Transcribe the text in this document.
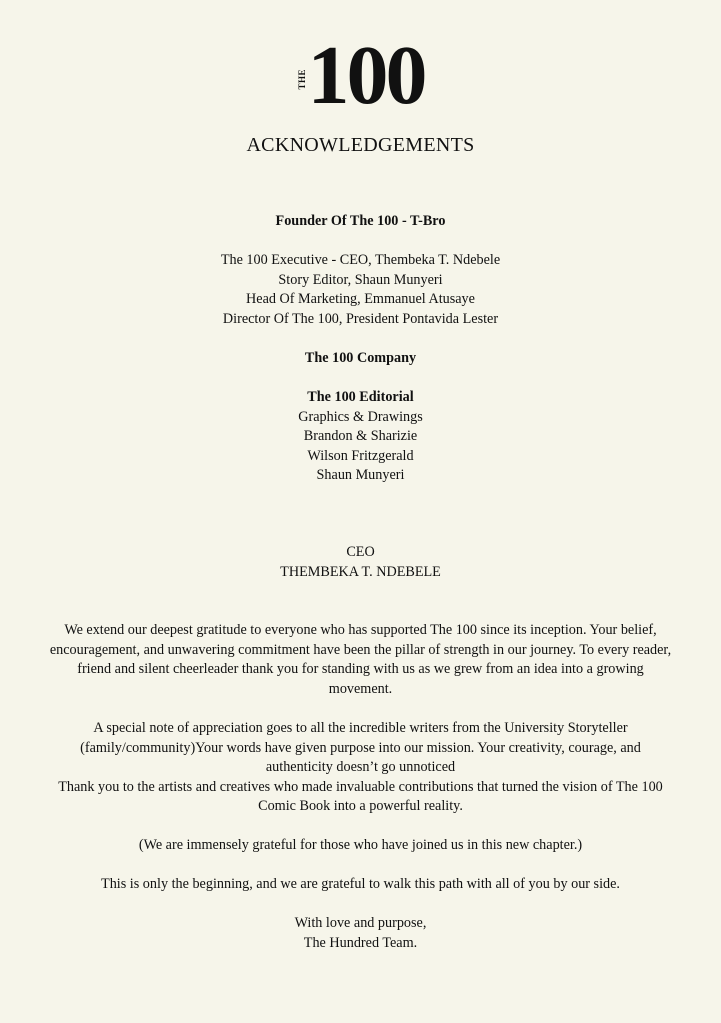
THE 100
ACKNOWLEDGEMENTS
Founder Of The 100 - T-Bro
The 100 Executive - CEO, Thembeka T. Ndebele
Story Editor, Shaun Munyeri
Head Of Marketing, Emmanuel Atusaye
Director Of The 100, President Pontavida Lester
The 100 Company
The 100 Editorial
Graphics & Drawings
Brandon & Sharizie
Wilson Fritzgerald
Shaun Munyeri
CEO
THEMBEKA T. NDEBELE
We extend our deepest gratitude to everyone who has supported The 100 since its inception. Your belief,
encouragement, and unwavering commitment have been the pillar of strength in our journey. To every reader,
friend and silent cheerleader thank you for standing with us as we grew from an idea into a growing
movement.
A special note of appreciation goes to all the incredible writers from the University Storyteller
(family/community)Your words have given purpose into our mission. Your creativity, courage, and
authenticity doesn’t go unnoticed
Thank you to the artists and creatives who made invaluable contributions that turned the vision of The 100
Comic Book into a powerful reality.
(We are immensely grateful for those who have joined us in this new chapter.)
This is only the beginning, and we are grateful to walk this path with all of you by our side.
With love and purpose,
The Hundred Team.
